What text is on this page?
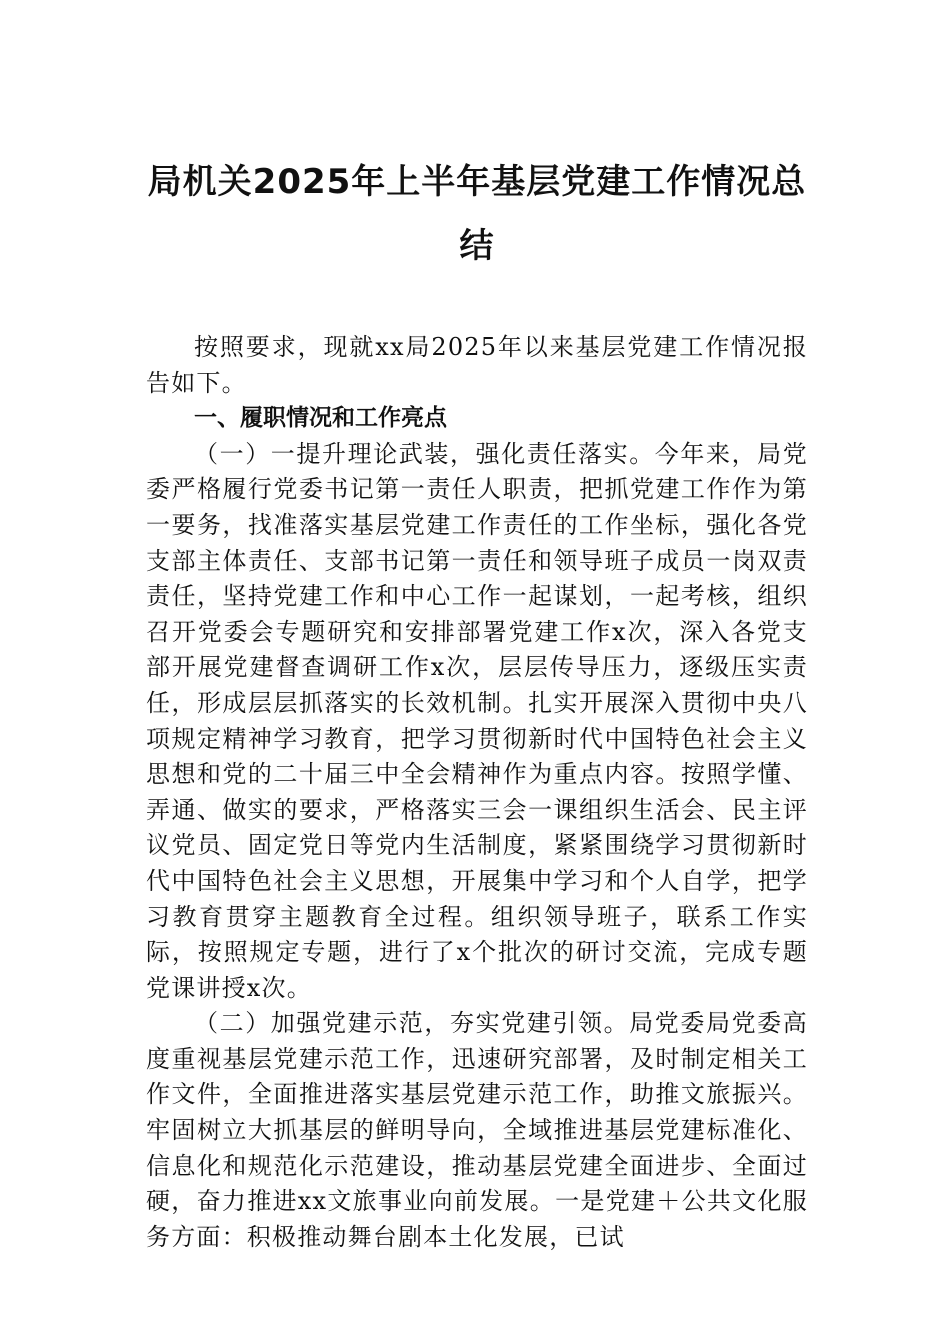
局机关2025年上半年基层党建工作情况总结

按照要求，现就xx局2025年以来基层党建工作情况报告如下。

一、履职情况和工作亮点

（一）一提升理论武装，强化责任落实。今年来，局党委严格履行党委书记第一责任人职责，把抓党建工作作为第一要务，找准落实基层党建工作责任的工作坐标，强化各党支部主体责任、支部书记第一责任和领导班子成员一岗双责责任，坚持党建工作和中心工作一起谋划，一起考核，组织召开党委会专题研究和安排部署党建工作x次，深入各党支部开展党建督查调研工作x次，层层传导压力，逐级压实责任，形成层层抓落实的长效机制。扎实开展深入贯彻中央八项规定精神学习教育，把学习贯彻新时代中国特色社会主义思想和党的二十届三中全会精神作为重点内容。按照学懂、弄通、做实的要求，严格落实三会一课组织生活会、民主评议党员、固定党日等党内生活制度，紧紧围绕学习贯彻新时代中国特色社会主义思想，开展集中学习和个人自学，把学习教育贯穿主题教育全过程。组织领导班子，联系工作实际，按照规定专题，进行了x个批次的研讨交流，完成专题党课讲授x次。

（二）加强党建示范，夯实党建引领。局党委局党委高度重视基层党建示范工作，迅速研究部署，及时制定相关工作文件，全面推进落实基层党建示范工作，助推文旅振兴。牢固树立大抓基层的鲜明导向，全域推进基层党建标准化、信息化和规范化示范建设，推动基层党建全面进步、全面过硬，奋力推进xx文旅事业向前发展。一是党建＋公共文化服务方面：积极推动舞台剧本土化发展，已试
